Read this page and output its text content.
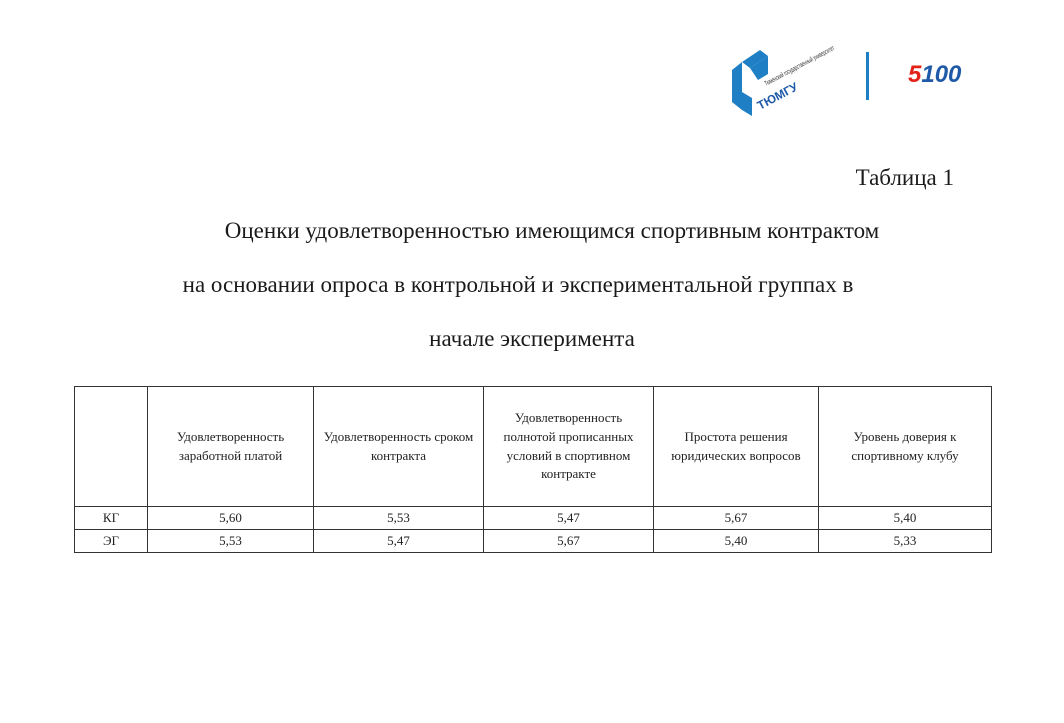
Тюменский государственный университет
ТЮМГУ
5100
5100
Таблица 1
Оценки удовлетворенностью имеющимся спортивным контрактом
на основании опроса в контрольной и экспериментальной группах в
начале эксперимента
	Удовлетворенность заработной платой	Удовлетворенность сроком контракта	Удовлетворенность полнотой прописанных условий в спортивном контракте	Простота решения юридических вопросов	Уровень доверия к спортивному клубу
КГ	5,60	5,53	5,47	5,67	5,40
ЭГ	5,53	5,47	5,67	5,40	5,33
